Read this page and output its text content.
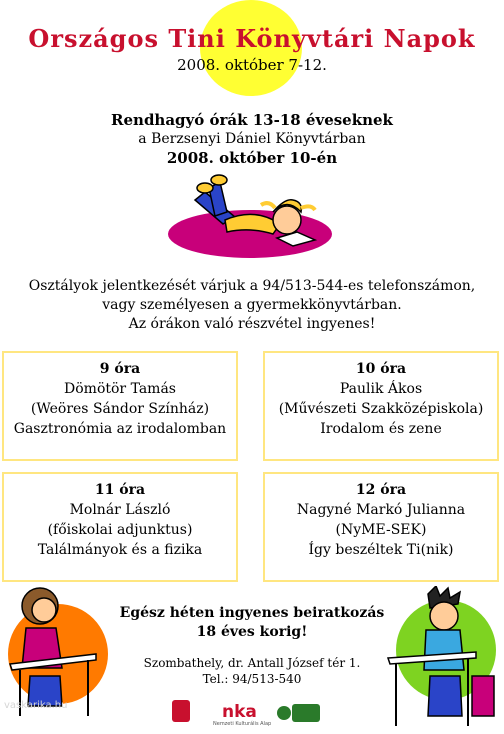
Országos Tini Könyvtári Napok
2008. október 7-12.
Rendhagyó órák 13-18 éveseknek
a Berzsenyi Dániel Könyvtárban
2008. október 10-én
Osztályok jelentkezését várjuk a 94/513-544-es telefonszámon,
vagy személyesen a gyermekkönyvtárban.
Az órákon való részvétel ingyenes!
9 óra
Dömötör Tamás
(Weöres Sándor Színház)
Gasztronómia az irodalomban
10 óra
Paulik Ákos
(Művészeti Szakközépiskola)
Irodalom és zene
11 óra
Molnár László
(főiskolai adjunktus)
Találmányok és a fizika
12 óra
Nagyné Markó Julianna
(NyME-SEK)
Így beszéltek Ti(nik)
Egész héten ingyenes beiratkozás
18 éves korig!
Szombathely, dr. Antall József tér 1.
Tel.: 94/513-540
vaskarika.hu	nka
Nemzeti Kulturális Alap
